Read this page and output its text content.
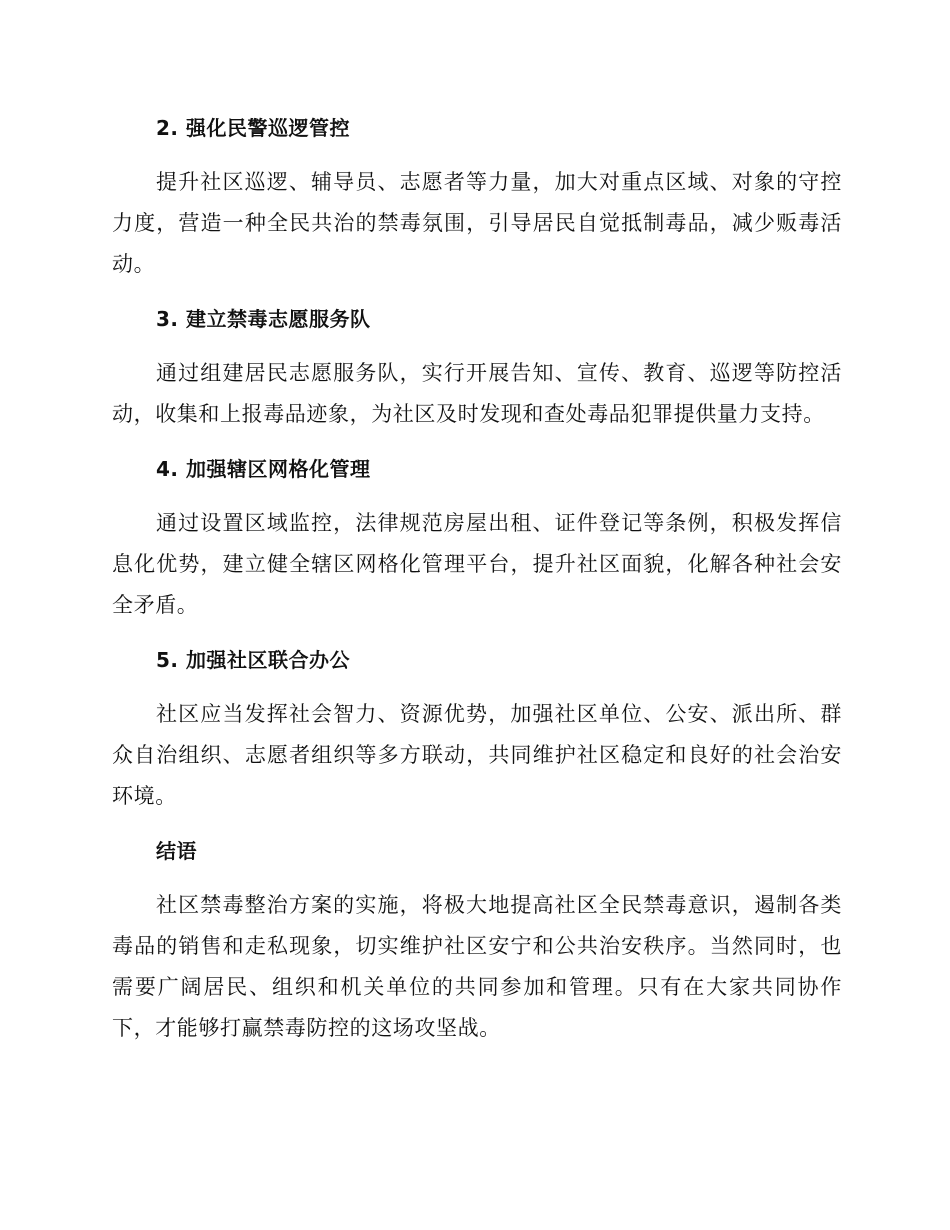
2. 强化民警巡逻管控

提升社区巡逻、辅导员、志愿者等力量，加大对重点区域、对象的守控力度，营造一种全民共治的禁毒氛围，引导居民自觉抵制毒品，减少贩毒活动。

3. 建立禁毒志愿服务队

通过组建居民志愿服务队，实行开展告知、宣传、教育、巡逻等防控活动，收集和上报毒品迹象，为社区及时发现和查处毒品犯罪提供量力支持。

4. 加强辖区网格化管理

通过设置区域监控，法律规范房屋出租、证件登记等条例，积极发挥信息化优势，建立健全辖区网格化管理平台，提升社区面貌，化解各种社会安全矛盾。

5. 加强社区联合办公

社区应当发挥社会智力、资源优势，加强社区单位、公安、派出所、群众自治组织、志愿者组织等多方联动，共同维护社区稳定和良好的社会治安环境。

结语

社区禁毒整治方案的实施，将极大地提高社区全民禁毒意识，遏制各类毒品的销售和走私现象，切实维护社区安宁和公共治安秩序。当然同时，也需要广阔居民、组织和机关单位的共同参加和管理。只有在大家共同协作下，才能够打赢禁毒防控的这场攻坚战。
